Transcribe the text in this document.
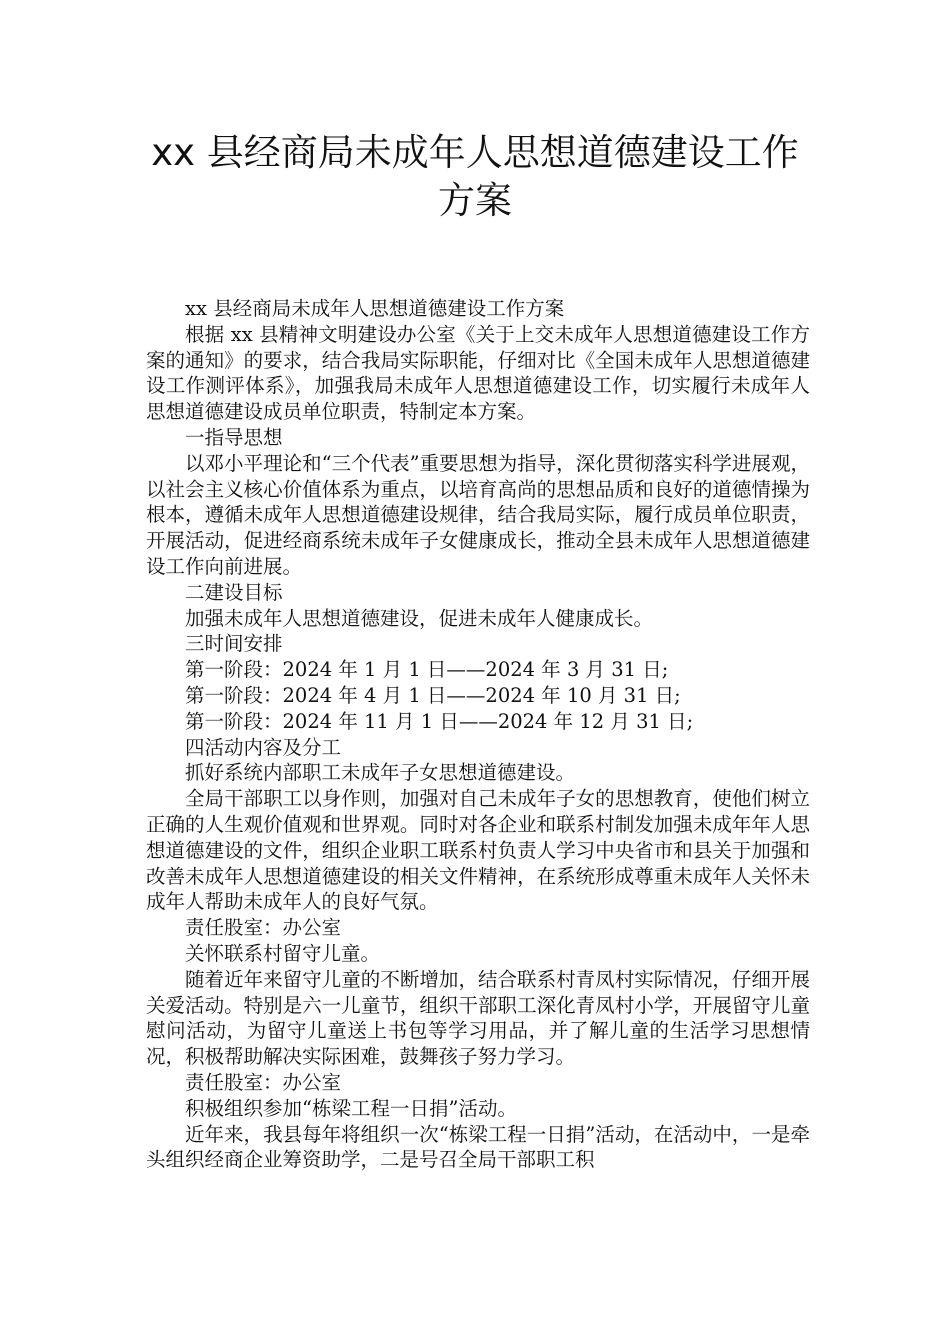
xx 县经商局未成年人思想道德建设工作
方案

xx 县经商局未成年人思想道德建设工作方案

根据 xx 县精神文明建设办公室《关于上交未成年人思想道德建设工作方案的通知》的要求，结合我局实际职能，仔细对比《全国未成年人思想道德建设工作测评体系》，加强我局未成年人思想道德建设工作，切实履行未成年人思想道德建设成员单位职责，特制定本方案。

一指导思想

以邓小平理论和“三个代表”重要思想为指导，深化贯彻落实科学进展观，以社会主义核心价值体系为重点，以培育高尚的思想品质和良好的道德情操为根本，遵循未成年人思想道德建设规律，结合我局实际，履行成员单位职责，开展活动，促进经商系统未成年子女健康成长，推动全县未成年人思想道德建设工作向前进展。

二建设目标

加强未成年人思想道德建设，促进未成年人健康成长。

三时间安排

第一阶段：2024 年 1 月 1 日——2024 年 3 月 31 日;

第一阶段：2024 年 4 月 1 日——2024 年 10 月 31 日;

第一阶段：2024 年 11 月 1 日——2024 年 12 月 31 日;

四活动内容及分工

抓好系统内部职工未成年子女思想道德建设。

全局干部职工以身作则，加强对自己未成年子女的思想教育，使他们树立正确的人生观价值观和世界观。同时对各企业和联系村制发加强未成年年人思想道德建设的文件，组织企业职工联系村负责人学习中央省市和县关于加强和改善未成年人思想道德建设的相关文件精神，在系统形成尊重未成年人关怀未成年人帮助未成年人的良好气氛。

责任股室：办公室

关怀联系村留守儿童。

随着近年来留守儿童的不断增加，结合联系村青凤村实际情况，仔细开展关爱活动。特别是六一儿童节，组织干部职工深化青凤村小学，开展留守儿童慰问活动，为留守儿童送上书包等学习用品，并了解儿童的生活学习思想情况，积极帮助解决实际困难，鼓舞孩子努力学习。

责任股室：办公室

积极组织参加“栋梁工程一日捐”活动。

近年来，我县每年将组织一次“栋梁工程一日捐”活动，在活动中，一是牵头组织经商企业筹资助学，二是号召全局干部职工积
